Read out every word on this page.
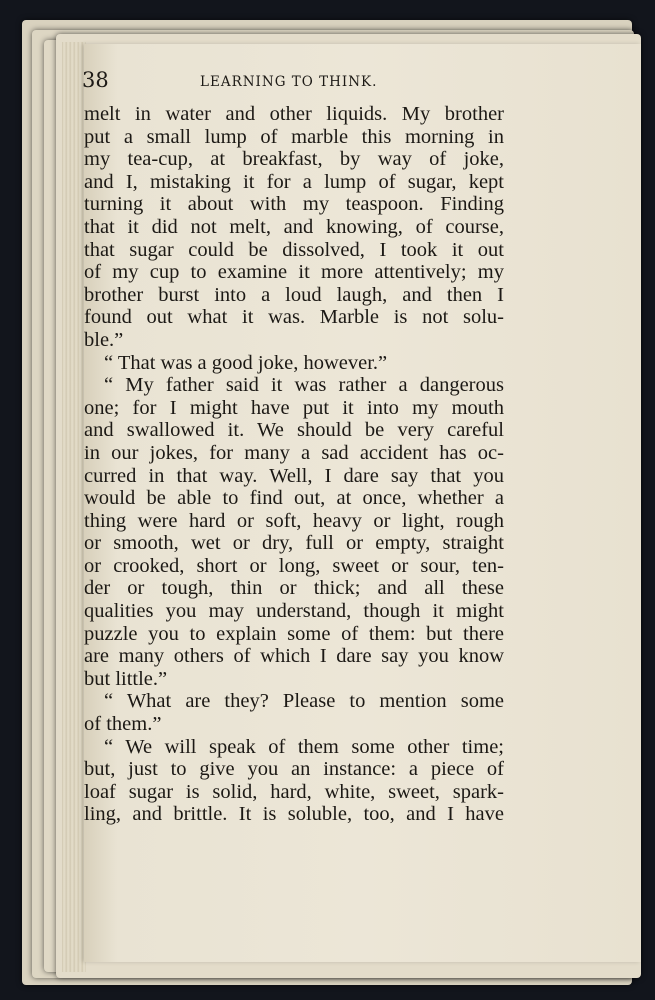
38	LEARNING TO THINK.
melt in water and other liquids. My brother
put a small lump of marble this morning in
my tea-cup, at breakfast, by way of joke,
and I, mistaking it for a lump of sugar, kept
turning it about with my teaspoon. Finding
that it did not melt, and knowing, of course,
that sugar could be dissolved, I took it out
of my cup to examine it more attentively; my
brother burst into a loud laugh, and then I
found out what it was. Marble is not solu-
ble.”
“ That was a good joke, however.”
“ My father said it was rather a dangerous
one; for I might have put it into my mouth
and swallowed it. We should be very careful
in our jokes, for many a sad accident has oc-
curred in that way. Well, I dare say that you
would be able to find out, at once, whether a
thing were hard or soft, heavy or light, rough
or smooth, wet or dry, full or empty, straight
or crooked, short or long, sweet or sour, ten-
der or tough, thin or thick; and all these
qualities you may understand, though it might
puzzle you to explain some of them: but there
are many others of which I dare say you know
but little.”
“ What are they? Please to mention some
of them.”
“ We will speak of them some other time;
but, just to give you an instance: a piece of
loaf sugar is solid, hard, white, sweet, spark-
ling, and brittle. It is soluble, too, and I have
